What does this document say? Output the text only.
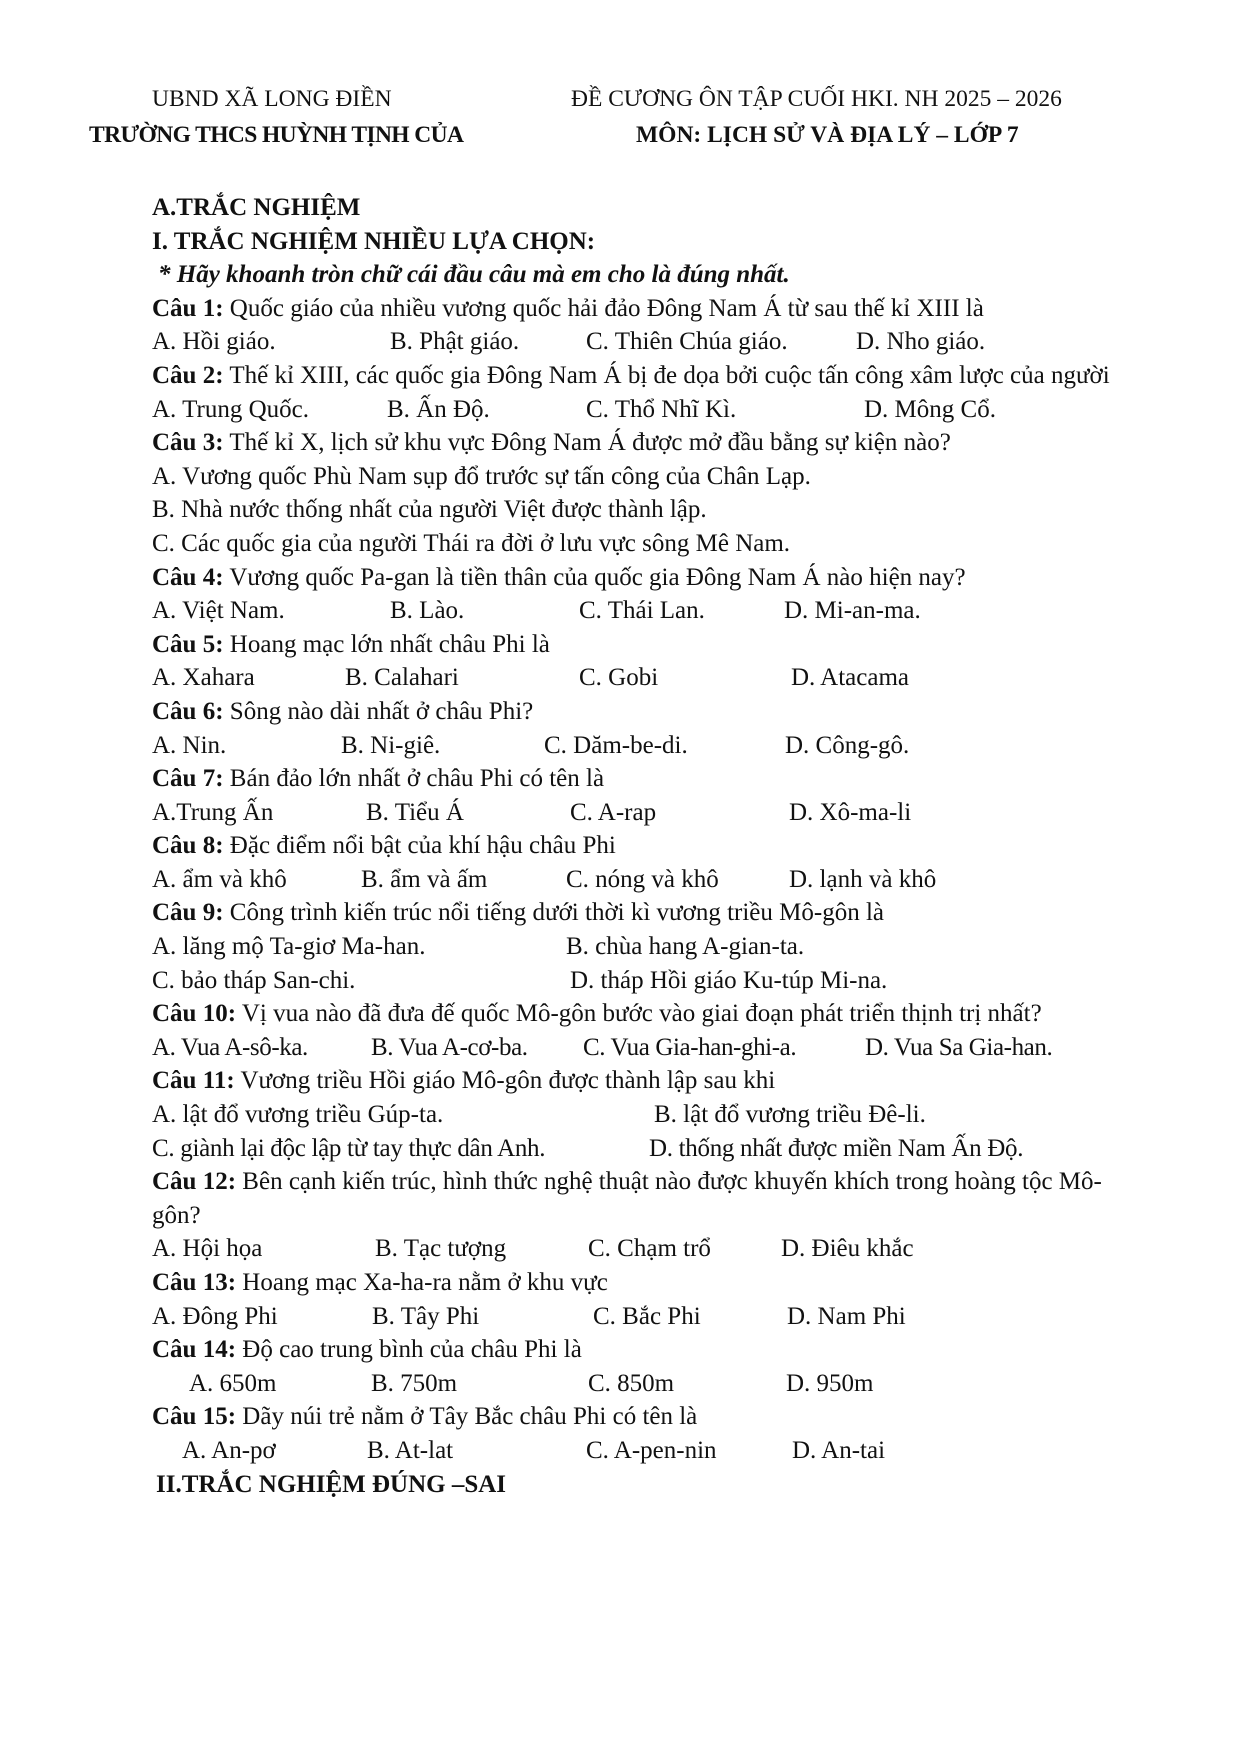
UBND XÃ LONG ĐIỀN
TRƯỜNG THCS HUỲNH TỊNH CỦA
ĐỀ CƯƠNG ÔN TẬP CUỐI HKI. NH 2025 – 2026
MÔN: LỊCH SỬ VÀ ĐỊA LÝ – LỚP 7
A.TRẮC NGHIỆM
I. TRẮC NGHIỆM NHIỀU LỰA CHỌN:
* Hãy khoanh tròn chữ cái đầu câu mà em cho là đúng nhất.
Câu 1: Quốc giáo của nhiều vương quốc hải đảo Đông Nam Á từ sau thế kỉ XIII là
A. Hồi giáo.	B. Phật giáo.	C. Thiên Chúa giáo.	D. Nho giáo.
Câu 2: Thế kỉ XIII, các quốc gia Đông Nam Á bị đe dọa bởi cuộc tấn công xâm lược của người
A. Trung Quốc.	B. Ấn Độ.	C. Thổ Nhĩ Kì.	D. Mông Cổ.
Câu 3: Thế kỉ X, lịch sử khu vực Đông Nam Á được mở đầu bằng sự kiện nào?
A. Vương quốc Phù Nam sụp đổ trước sự tấn công của Chân Lạp.
B. Nhà nước thống nhất của người Việt được thành lập.
C. Các quốc gia của người Thái ra đời ở lưu vực sông Mê Nam.
Câu 4: Vương quốc Pa-gan là tiền thân của quốc gia Đông Nam Á nào hiện nay?
A. Việt Nam.	B. Lào.	C. Thái Lan.	D. Mi-an-ma.
Câu 5: Hoang mạc lớn nhất châu Phi là
A. Xahara	B. Calahari	C. Gobi	D. Atacama
Câu 6: Sông nào dài nhất ở châu Phi?
A. Nin.	B. Ni-giê.	C. Dăm-be-di.	D. Công-gô.
Câu 7: Bán đảo lớn nhất ở châu Phi có tên là
A.Trung Ấn	B. Tiểu Á	C. A-rap	D. Xô-ma-li
Câu 8: Đặc điểm nổi bật của khí hậu châu Phi
A. ẩm và khô	B. ẩm và ấm	C. nóng và khô	D. lạnh và khô
Câu 9: Công trình kiến trúc nổi tiếng dưới thời kì vương triều Mô-gôn là
A. lăng mộ Ta-giơ Ma-han.	B. chùa hang A-gian-ta.
C. bảo tháp San-chi.	D. tháp Hồi giáo Ku-túp Mi-na.
Câu 10: Vị vua nào đã đưa đế quốc Mô-gôn bước vào giai đoạn phát triển thịnh trị nhất?
A. Vua A-sô-ka.	B. Vua A-cơ-ba. C. Vua Gia-han-ghi-a.	D. Vua Sa Gia-han.
Câu 11: Vương triều Hồi giáo Mô-gôn được thành lập sau khi
A. lật đổ vương triều Gúp-ta.	B. lật đổ vương triều Đê-li.
C. giành lại độc lập từ tay thực dân Anh.	D. thống nhất được miền Nam Ấn Độ.
Câu 12: Bên cạnh kiến trúc, hình thức nghệ thuật nào được khuyến khích trong hoàng tộc Mô-gôn?
A. Hội họa	B. Tạc tượng	C. Chạm trổ	D. Điêu khắc
Câu 13: Hoang mạc Xa-ha-ra nằm ở khu vực
A. Đông Phi	B. Tây Phi	C. Bắc Phi	D. Nam Phi
Câu 14: Độ cao trung bình của châu Phi là
A. 650m	B. 750m	C. 850m	D. 950m
Câu 15: Dãy núi trẻ nằm ở Tây Bắc châu Phi có tên là
A. An-pơ	B. At-lat	C. A-pen-nin	D. An-tai
II.TRẮC NGHIỆM ĐÚNG –SAI
